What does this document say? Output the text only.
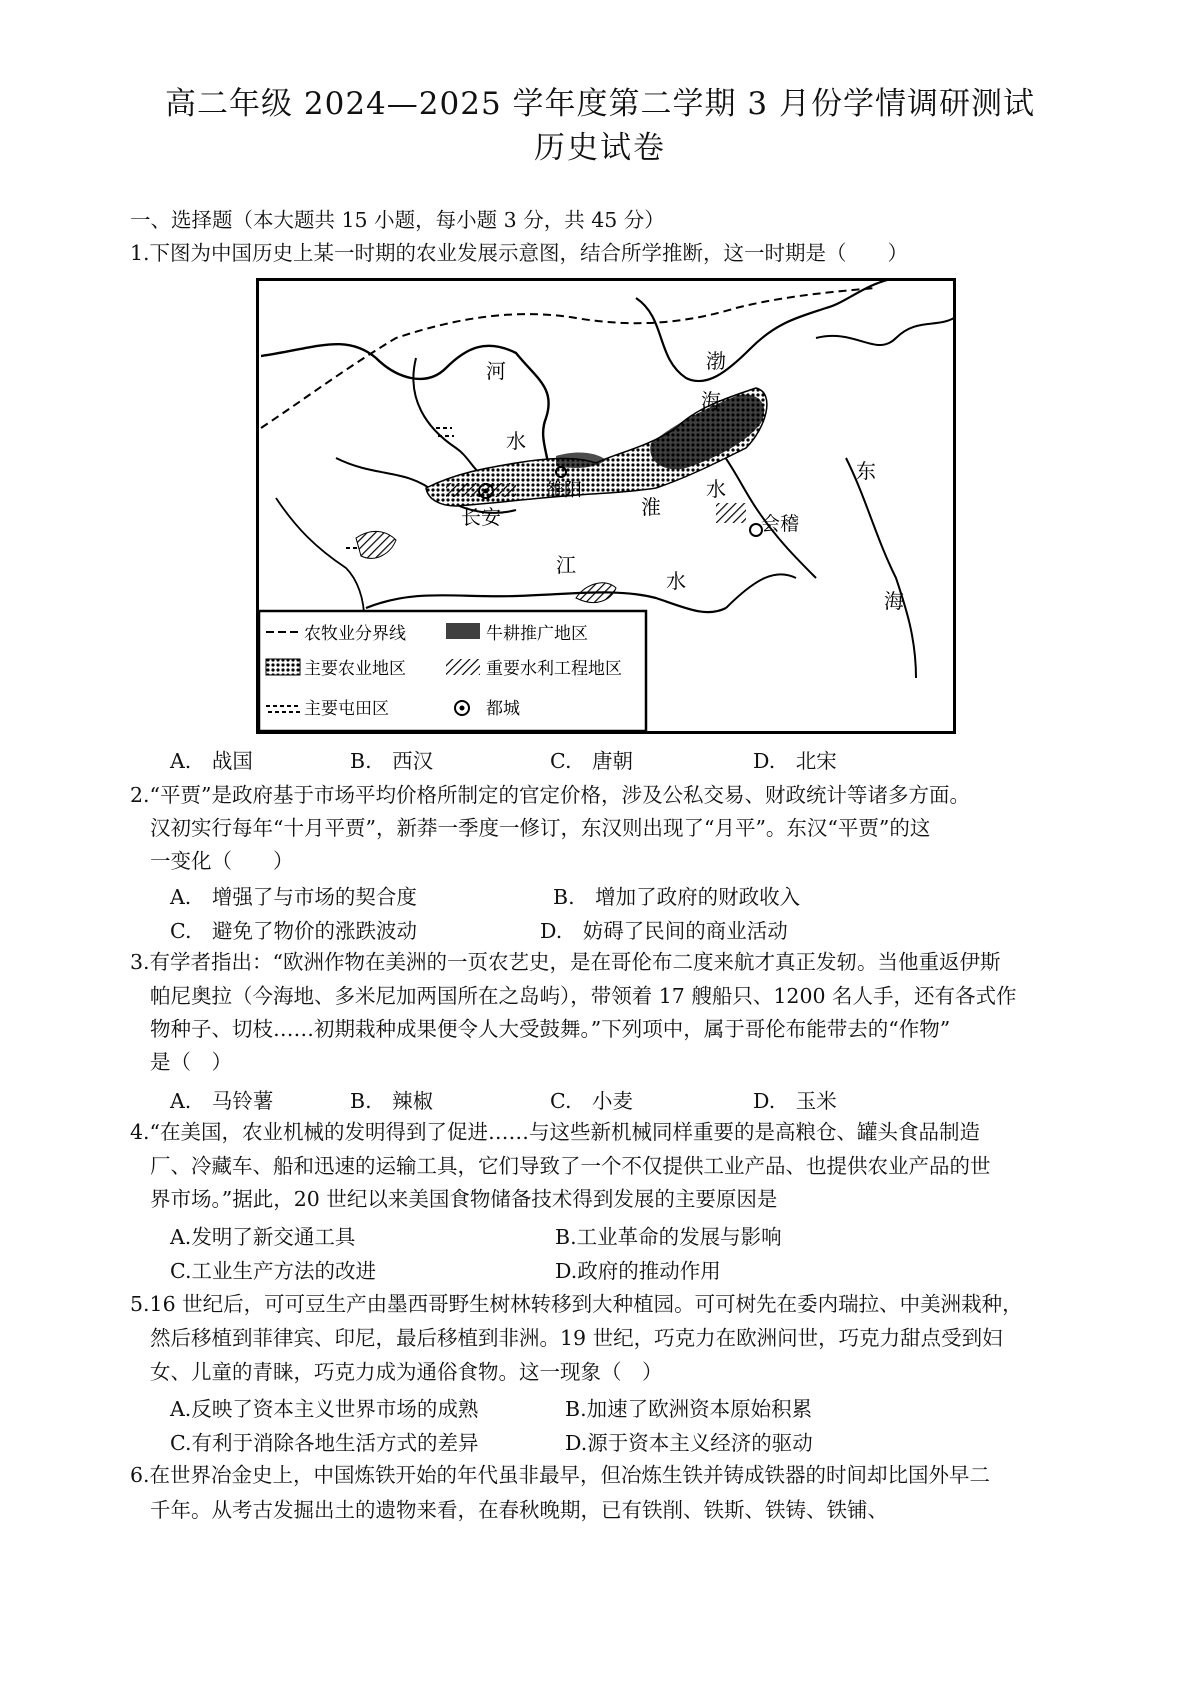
高二年级 2024—2025 学年度第二学期 3 月份学情调研测试
历史试卷
一、选择题（本大题共 15 小题，每小题 3 分，共 45 分）
1.下图为中国历史上某一时期的农业发展示意图，结合所学推断，这一时期是（　　）
河
水
长安
雒阳
淮
水
会稽
江
水
渤
海
东
海
农牧业分界线	牛耕推广地区
主要农业地区	重要水利工程地区
主要屯田区	都城
A.　战国	B.　西汉	C.　唐朝	D.　北宋
2.“平贾”是政府基于市场平均价格所制定的官定价格，涉及公私交易、财政统计等诸多方面。
汉初实行每年“十月平贾”，新莽一季度一修订，东汉则出现了“月平”。东汉“平贾”的这
一变化（　　）
A.　增强了与市场的契合度	B.　增加了政府的财政收入
C.　避免了物价的涨跌波动	D.　妨碍了民间的商业活动
3.有学者指出：“欧洲作物在美洲的一页农艺史，是在哥伦布二度来航才真正发轫。当他重返伊斯
帕尼奥拉（今海地、多米尼加两国所在之岛屿），带领着 17 艘船只、1200 名人手，还有各式作
物种子、切枝……初期栽种成果便令人大受鼓舞。”下列项中，属于哥伦布能带去的“作物”
是（　）
A.　马铃薯	B.　辣椒	C.　小麦	D.　玉米
4.“在美国，农业机械的发明得到了促进……与这些新机械同样重要的是高粮仓、罐头食品制造
厂、冷藏车、船和迅速的运输工具，它们导致了一个不仅提供工业产品、也提供农业产品的世
界市场。”据此，20 世纪以来美国食物储备技术得到发展的主要原因是
A.发明了新交通工具	B.工业革命的发展与影响
C.工业生产方法的改进	D.政府的推动作用
5.16 世纪后，可可豆生产由墨西哥野生树林转移到大种植园。可可树先在委内瑞拉、中美洲栽种，
然后移植到菲律宾、印尼，最后移植到非洲。19 世纪，巧克力在欧洲问世，巧克力甜点受到妇
女、儿童的青睐，巧克力成为通俗食物。这一现象（　）
A.反映了资本主义世界市场的成熟	B.加速了欧洲资本原始积累
C.有利于消除各地生活方式的差异	D.源于资本主义经济的驱动
6.在世界冶金史上，中国炼铁开始的年代虽非最早，但冶炼生铁并铸成铁器的时间却比国外早二
千年。从考古发掘出土的遗物来看，在春秋晚期，已有铁削、铁斯、铁铸、铁铺、
